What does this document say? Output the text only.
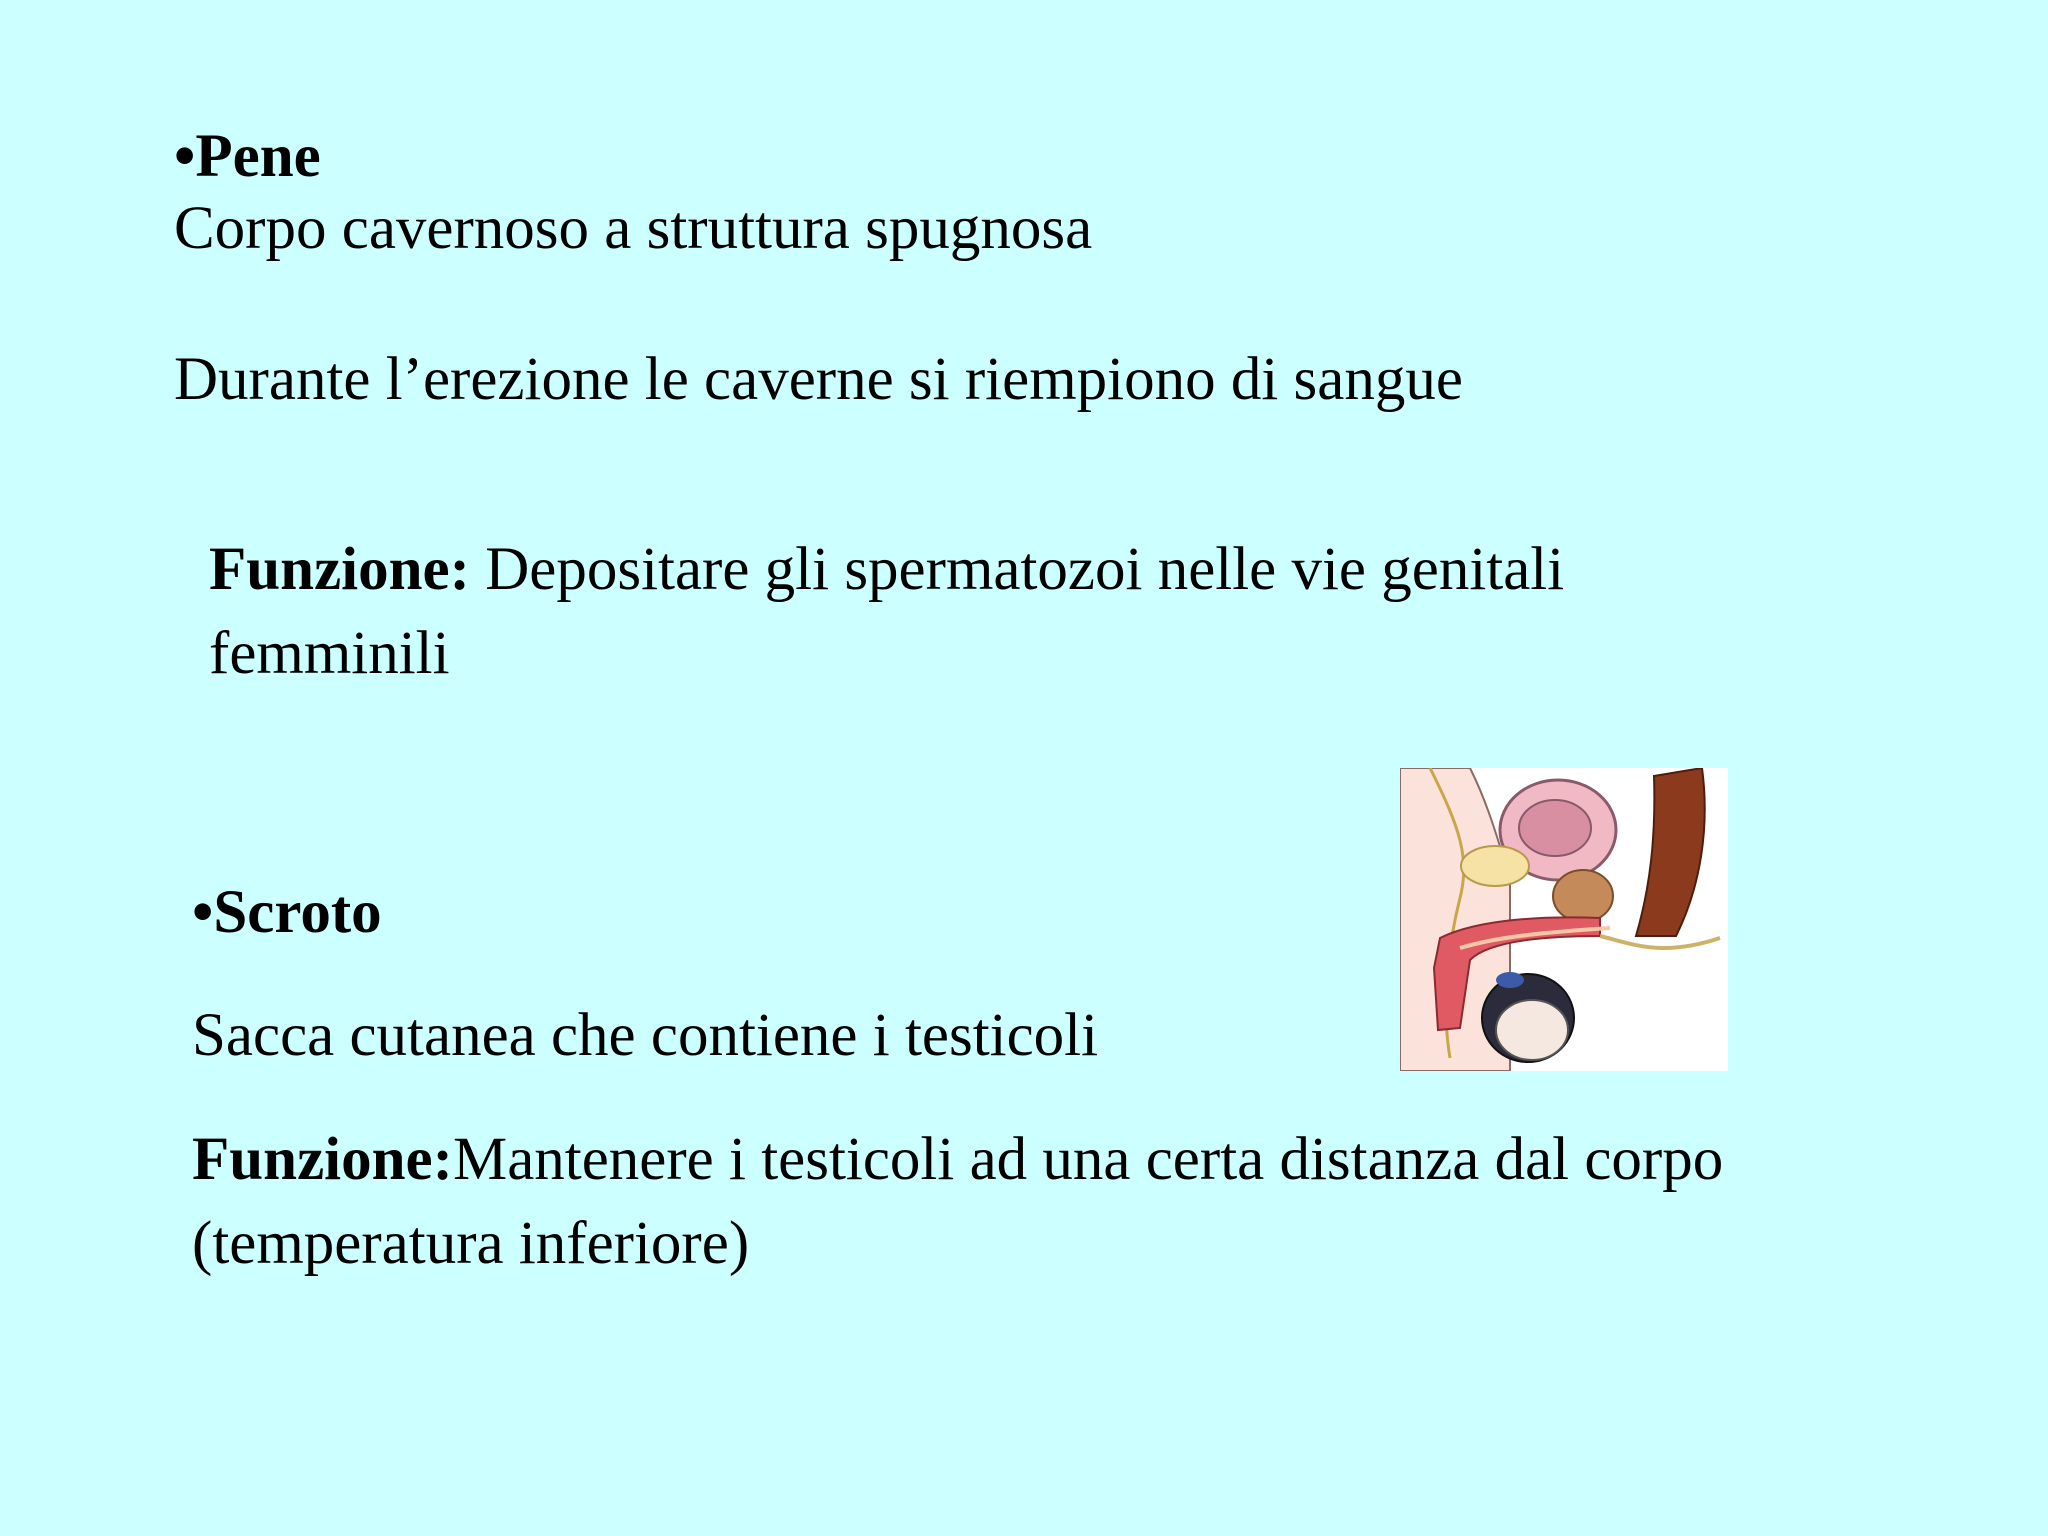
•Pene
Corpo cavernoso a struttura spugnosa
Durante l’erezione le caverne si riempiono di sangue
Funzione: Depositare gli spermatozoi nelle vie genitali femminili
•Scroto
Sacca cutanea che contiene i testicoli
Funzione:Mantenere i testicoli ad una certa distanza dal corpo (temperatura inferiore)
